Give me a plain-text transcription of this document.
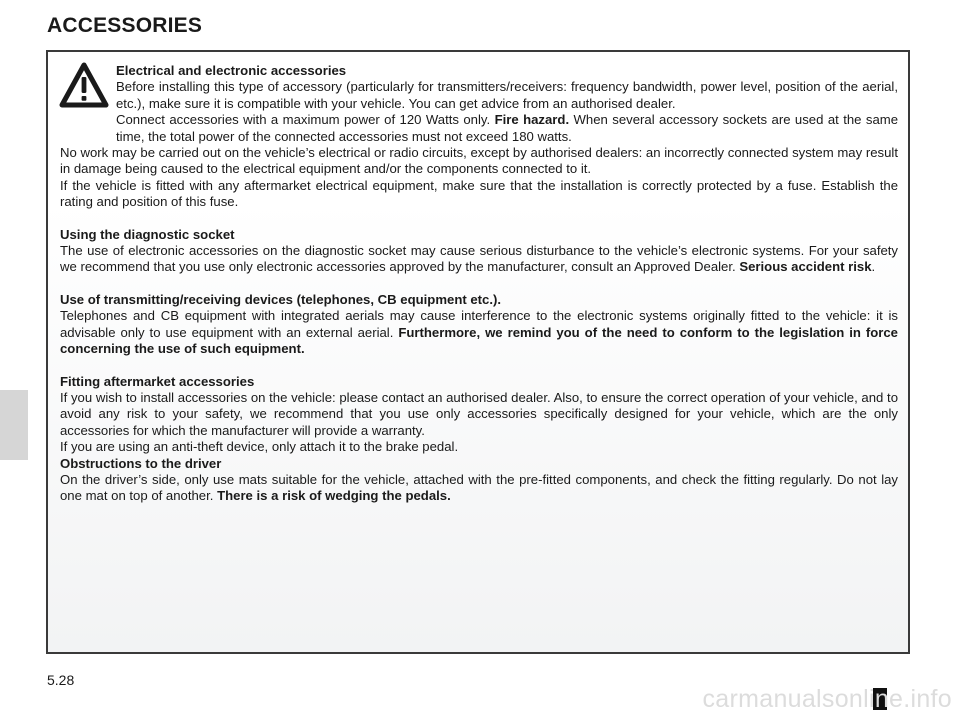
ACCESSORIES

Electrical and electronic accessories

Before installing this type of accessory (particularly for transmitters/receivers: frequency bandwidth, power level, position of the aerial, etc.), make sure it is compatible with your vehicle. You can get advice from an authorised dealer.

Connect accessories with a maximum power of 120 Watts only. Fire hazard. When several accessory sockets are used at the same time, the total power of the connected accessories must not exceed 180 watts.

No work may be carried out on the vehicle’s electrical or radio circuits, except by authorised dealers: an incorrectly connected system may result in damage being caused to the electrical equipment and/or the components connected to it.

If the vehicle is fitted with any aftermarket electrical equipment, make sure that the installation is correctly protected by a fuse. Establish the rating and position of this fuse.

Using the diagnostic socket

The use of electronic accessories on the diagnostic socket may cause serious disturbance to the vehicle’s electronic systems. For your safety we recommend that you use only electronic accessories approved by the manufacturer, consult an Approved Dealer. Serious accident risk.

Use of transmitting/receiving devices (telephones, CB equipment etc.).

Telephones and CB equipment with integrated aerials may cause interference to the electronic systems originally fitted to the vehicle: it is advisable only to use equipment with an external aerial. Furthermore, we remind you of the need to conform to the legislation in force concerning the use of such equipment.

Fitting aftermarket accessories

If you wish to install accessories on the vehicle: please contact an authorised dealer. Also, to ensure the correct operation of your vehicle, and to avoid any risk to your safety, we recommend that you use only accessories specifically designed for your vehicle, which are the only accessories for which the manufacturer will provide a warranty.

If you are using an anti-theft device, only attach it to the brake pedal.

Obstructions to the driver

On the driver’s side, only use mats suitable for the vehicle, attached with the pre-fitted components, and check the fitting regularly. Do not lay one mat on top of another. There is a risk of wedging the pedals.

5.28
carmanualsonline.info
